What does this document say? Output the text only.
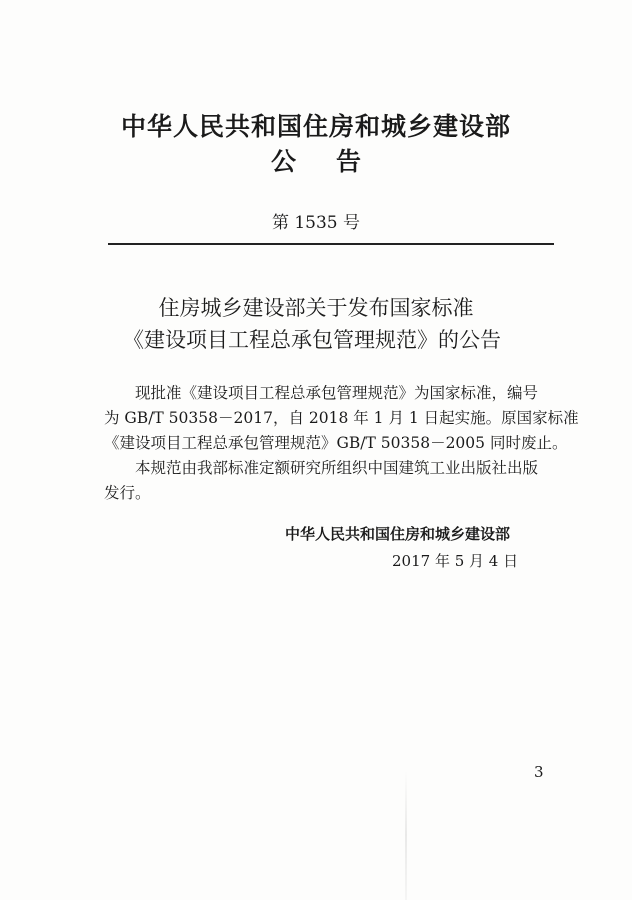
中华人民共和国住房和城乡建设部
公告
第 1535 号
住房城乡建设部关于发布国家标准
《建设项目工程总承包管理规范》的公告
现批准《建设项目工程总承包管理规范》为国家标准，编号
为 GB/T 50358－2017，自 2018 年 1 月 1 日起实施。原国家标准
《建设项目工程总承包管理规范》GB/T 50358－2005 同时废止。
本规范由我部标准定额研究所组织中国建筑工业出版社出版
发行。
中华人民共和国住房和城乡建设部
2017 年 5 月 4 日
3
